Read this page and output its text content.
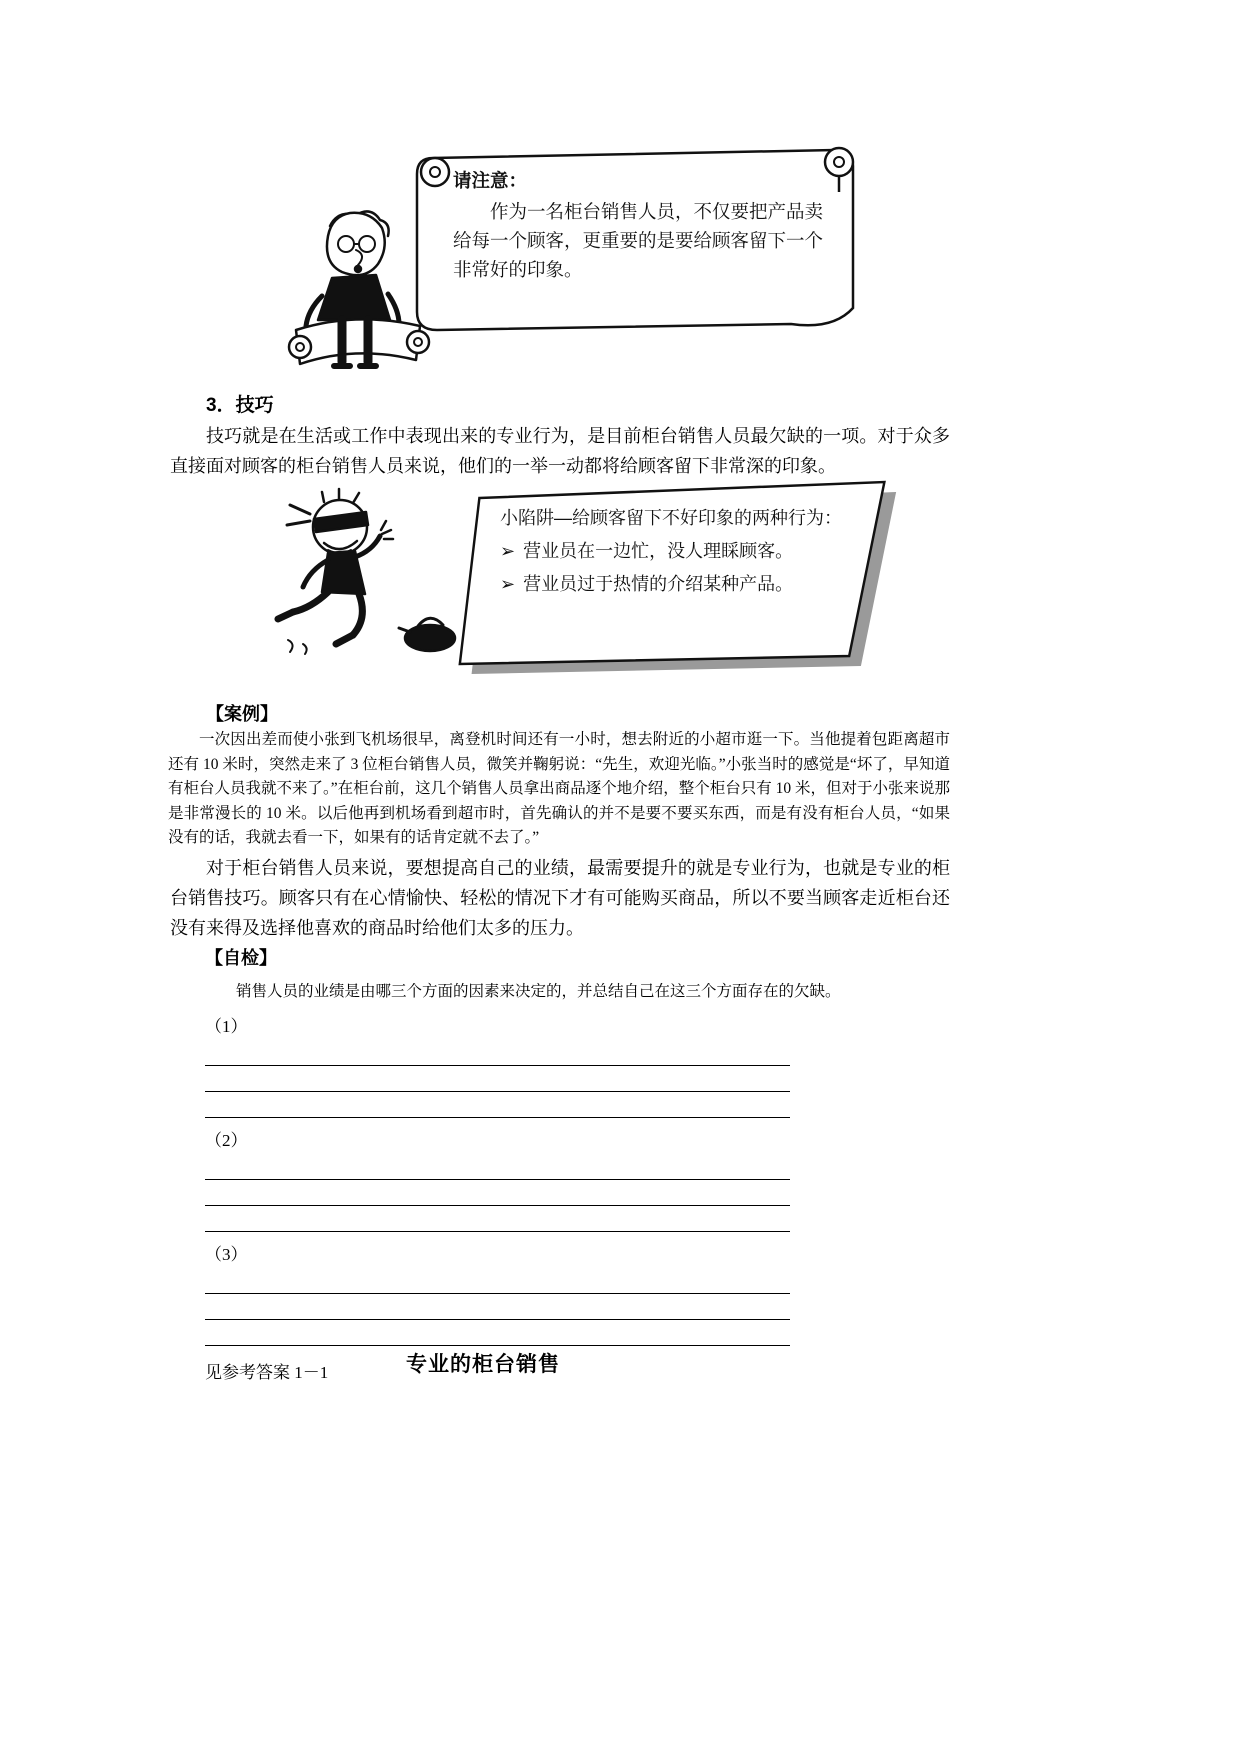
请注意：
作为一名柜台销售人员，不仅要把产品卖给每一个顾客，更重要的是要给顾客留下一个非常好的印象。
3．技巧
技巧就是在生活或工作中表现出来的专业行为，是目前柜台销售人员最欠缺的一项。对于众多直接面对顾客的柜台销售人员来说，他们的一举一动都将给顾客留下非常深的印象。
小陷阱—给顾客留下不好印象的两种行为：
➢ 营业员在一边忙，没人理睬顾客。
➢ 营业员过于热情的介绍某种产品。
【案例】
一次因出差而使小张到飞机场很早，离登机时间还有一小时，想去附近的小超市逛一下。当他提着包距离超市还有 10 米时，突然走来了 3 位柜台销售人员，微笑并鞠躬说：“先生，欢迎光临。”小张当时的感觉是“坏了，早知道有柜台人员我就不来了。”在柜台前，这几个销售人员拿出商品逐个地介绍，整个柜台只有 10 米，但对于小张来说那是非常漫长的 10 米。以后他再到机场看到超市时，首先确认的并不是要不要买东西，而是有没有柜台人员，“如果没有的话，我就去看一下，如果有的话肯定就不去了。”
对于柜台销售人员来说，要想提高自己的业绩，最需要提升的就是专业行为，也就是专业的柜台销售技巧。顾客只有在心情愉快、轻松的情况下才有可能购买商品，所以不要当顾客走近柜台还没有来得及选择他喜欢的商品时给他们太多的压力。
【自检】
销售人员的业绩是由哪三个方面的因素来决定的，并总结自己在这三个方面存在的欠缺。
（1）
（2）
（3）
见参考答案 1－1	专业的柜台销售
